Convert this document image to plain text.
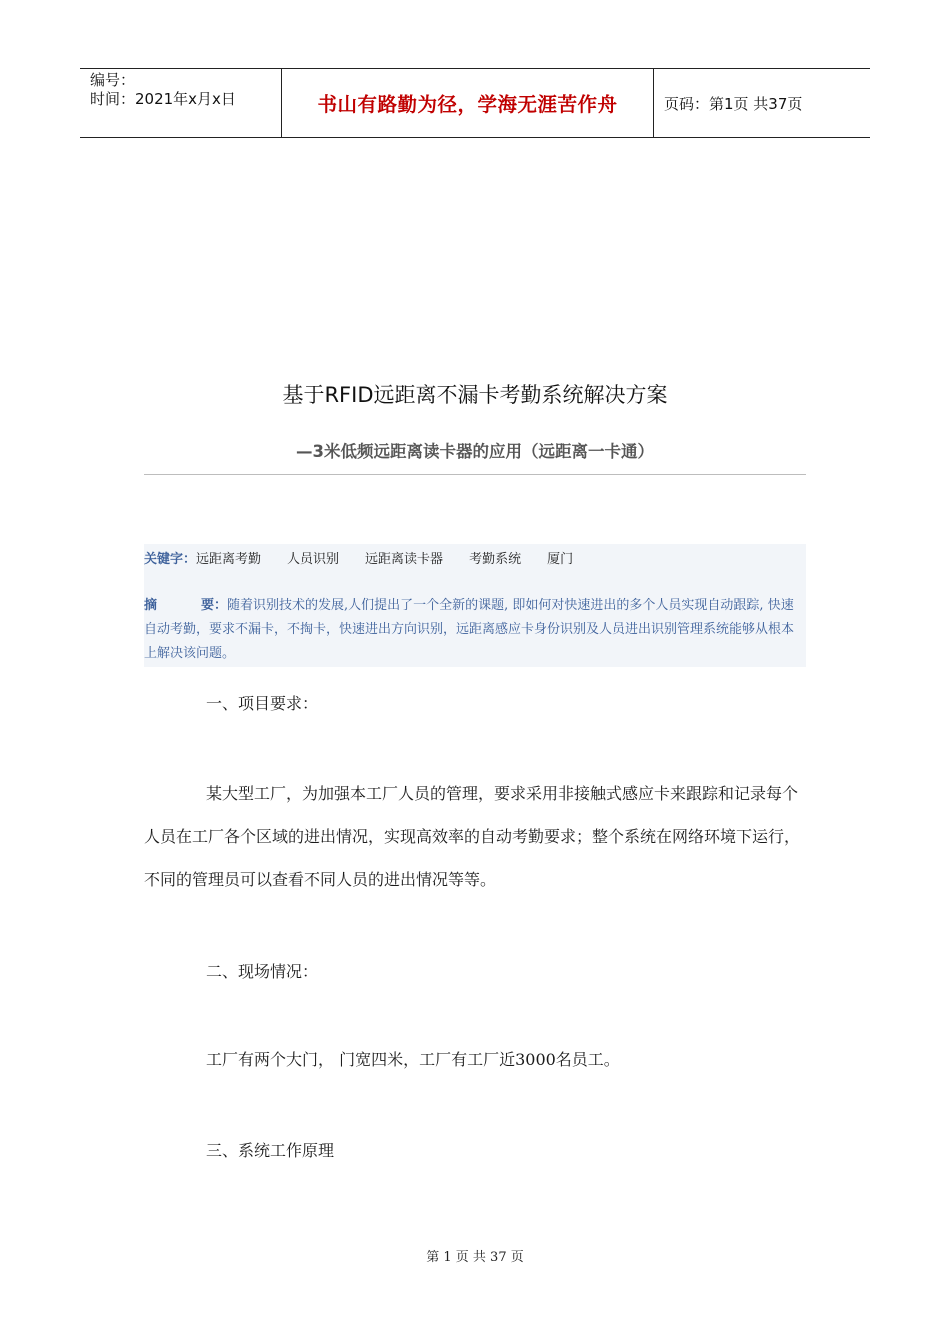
编号：
时间：2021年x月x日	书山有路勤为径，学海无涯苦作舟	页码：第1页 共37页
基于RFID远距离不漏卡考勤系统解决方案
—3米低频远距离读卡器的应用（远距离一卡通）
关键字：远距离考勤 人员识别 远距离读卡器 考勤系统 厦门
摘	要：随着识别技术的发展,人们提出了一个全新的课题, 即如何对快速进出的多个人员实现自动跟踪, 快速自动考勤，要求不漏卡，不掏卡，快速进出方向识别，远距离感应卡身份识别及人员进出识别管理系统能够从根本上解决该问题。
一、项目要求：
某大型工厂，为加强本工厂人员的管理，要求采用非接触式感应卡来跟踪和记录每个人员在工厂各个区域的进出情况，实现高效率的自动考勤要求；整个系统在网络环境下运行，不同的管理员可以查看不同人员的进出情况等等。
二、现场情况：
工厂有两个大门， 门宽四米，工厂有工厂近3000名员工。
三、系统工作原理
第 1 页 共 37 页
